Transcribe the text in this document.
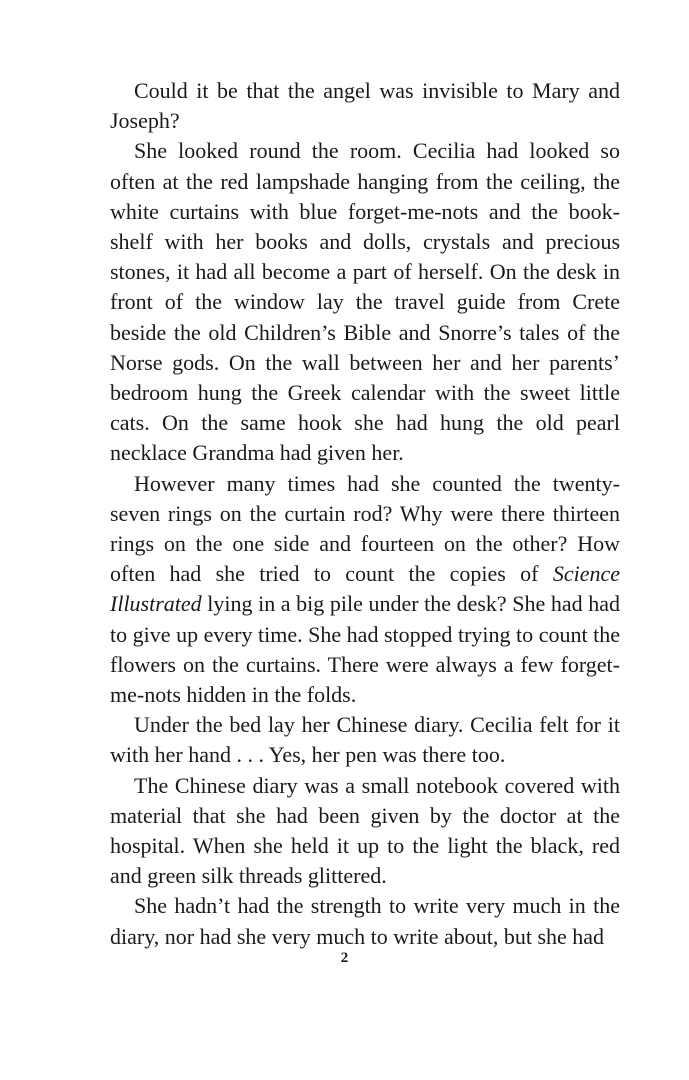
Could it be that the angel was invisible to Mary and Joseph?

She looked round the room. Cecilia had looked so often at the red lampshade hanging from the ceiling, the white curtains with blue forget-me-nots and the book-shelf with her books and dolls, crystals and precious stones, it had all become a part of herself. On the desk in front of the window lay the travel guide from Crete beside the old Children’s Bible and Snorre’s tales of the Norse gods. On the wall between her and her parents’ bedroom hung the Greek calendar with the sweet little cats. On the same hook she had hung the old pearl necklace Grandma had given her.

However many times had she counted the twenty-seven rings on the curtain rod? Why were there thirteen rings on the one side and fourteen on the other? How often had she tried to count the copies of Science Illustrated lying in a big pile under the desk? She had had to give up every time. She had stopped trying to count the flowers on the curtains. There were always a few forget-me-nots hidden in the folds.

Under the bed lay her Chinese diary. Cecilia felt for it with her hand . . . Yes, her pen was there too.

The Chinese diary was a small notebook covered with material that she had been given by the doctor at the hospital. When she held it up to the light the black, red and green silk threads glittered.

She hadn’t had the strength to write very much in the diary, nor had she very much to write about, but she had

2
